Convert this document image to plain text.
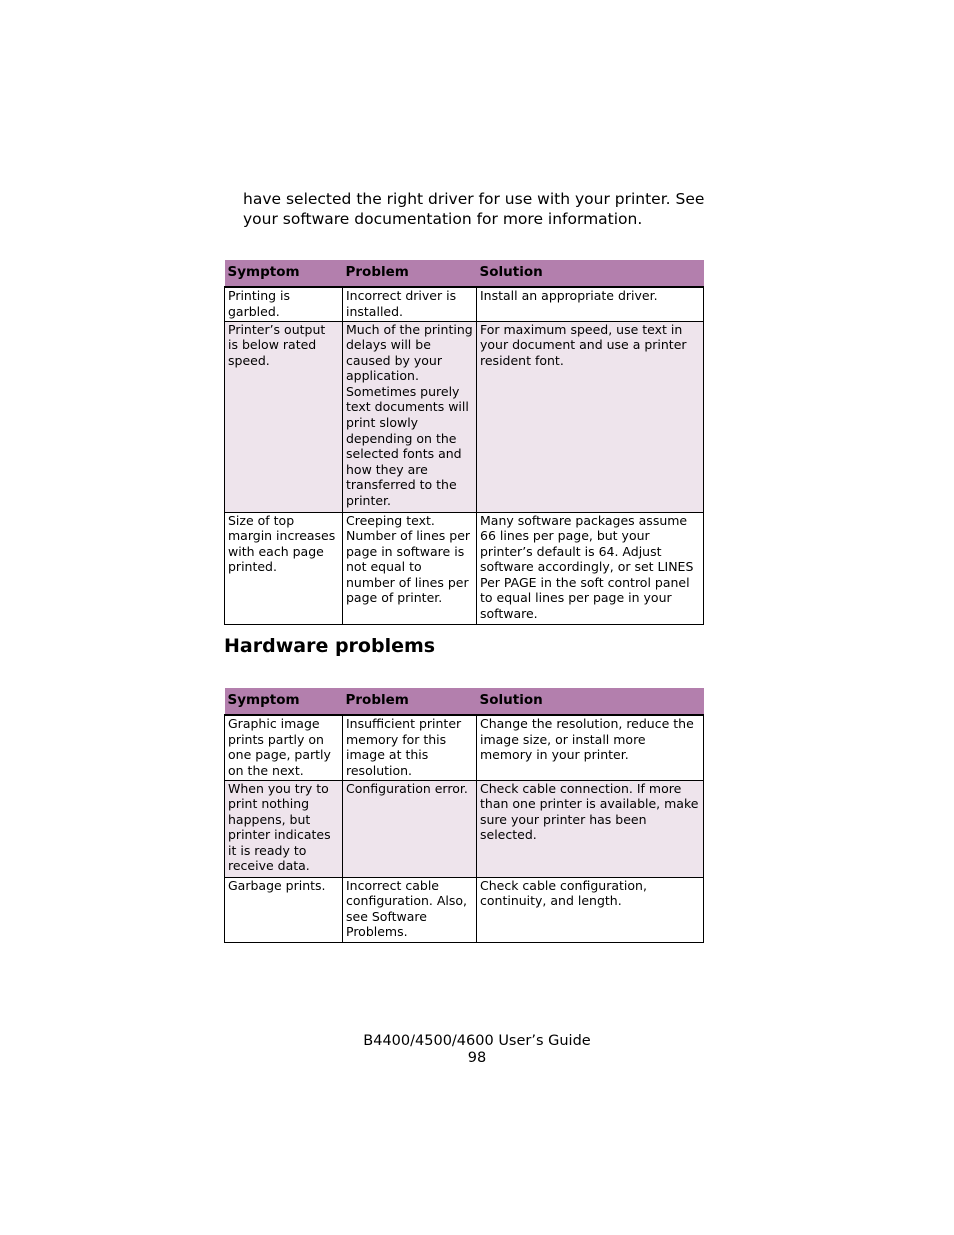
have selected the right driver for use with your printer. See
your software documentation for more information.

Symptom	Problem	Solution
Printing is garbled.	Incorrect driver is installed.	Install an appropriate driver.
Printer’s output is below rated speed.	Much of the printing delays will be caused by your application. Sometimes purely text documents will print slowly depending on the selected fonts and how they are transferred to the printer.	For maximum speed, use text in your document and use a printer resident font.
Size of top margin increases with each page printed.	Creeping text. Number of lines per page in software is not equal to number of lines per page of printer.	Many software packages assume 66 lines per page, but your printer’s default is 64. Adjust software accordingly, or set LINES Per PAGE in the soft control panel to equal lines per page in your software.
Hardware problems
Symptom	Problem	Solution
Graphic image prints partly on one page, partly on the next.	Insufficient printer memory for this image at this resolution.	Change the resolution, reduce the image size, or install more memory in your printer.
When you try to print nothing happens, but printer indicates it is ready to receive data.	Configuration error.	Check cable connection. If more than one printer is available, make sure your printer has been selected.
Garbage prints.	Incorrect cable configuration. Also, see Software Problems.	Check cable configuration, continuity, and length.
B4400/4500/4600 User’s Guide
98
